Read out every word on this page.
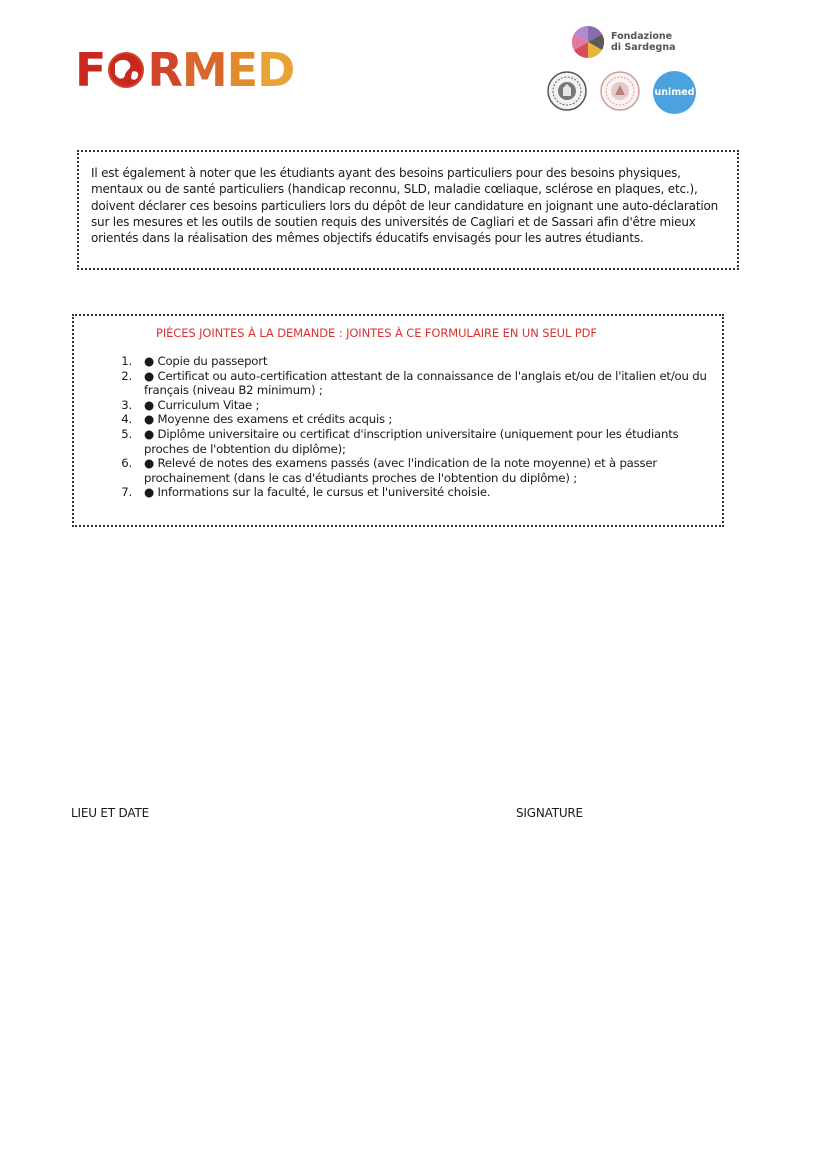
F R M E D
Fondazione
di Sardegna
unimed

Il est également à noter que les étudiants ayant des besoins particuliers pour des besoins physiques, mentaux ou de santé particuliers (handicap reconnu, SLD, maladie cœliaque, sclérose en plaques, etc.), doivent déclarer ces besoins particuliers lors du dépôt de leur candidature en joignant une auto-déclaration sur les mesures et les outils de soutien requis des universités de Cagliari et de Sassari afin d'être mieux orientés dans la réalisation des mêmes objectifs éducatifs envisagés pour les autres étudiants.

PIÈCES JOINTES À LA DEMANDE : JOINTES À CE FORMULAIRE EN UN SEUL PDF
1.	● Copie du passeport
2.	● Certificat ou auto-certification attestant de la connaissance de l'anglais et/ou de l'italien et/ou du français (niveau B2 minimum) ;
3.	● Curriculum Vitae ;
4.	● Moyenne des examens et crédits acquis ;
5.	● Diplôme universitaire ou certificat d'inscription universitaire (uniquement pour les étudiants proches de l'obtention du diplôme);
6.	● Relevé de notes des examens passés (avec l'indication de la note moyenne) et à passer prochainement (dans le cas d'étudiants proches de l'obtention du diplôme) ;
7.	● Informations sur la faculté, le cursus et l'université choisie.
LIEU ET DATE	SIGNATURE
